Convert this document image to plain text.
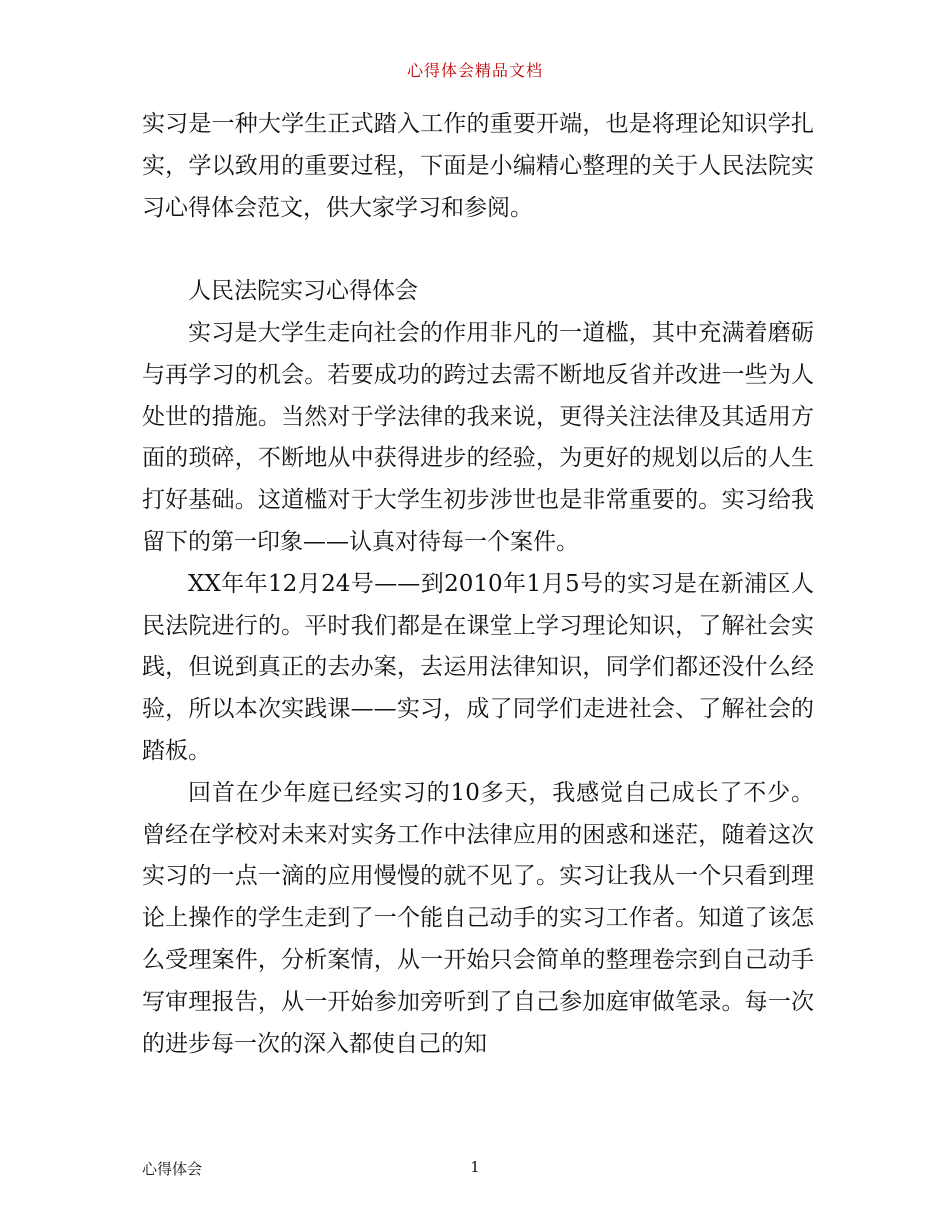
心得体会精品文档

实习是一种大学生正式踏入工作的重要开端，也是将理论知识学扎实，学以致用的重要过程，下面是小编精心整理的关于人民法院实习心得体会范文，供大家学习和参阅。

人民法院实习心得体会

实习是大学生走向社会的作用非凡的一道槛，其中充满着磨砺与再学习的机会。若要成功的跨过去需不断地反省并改进一些为人处世的措施。当然对于学法律的我来说，更得关注法律及其适用方面的琐碎，不断地从中获得进步的经验，为更好的规划以后的人生打好基础。这道槛对于大学生初步涉世也是非常重要的。实习给我留下的第一印象——认真对待每一个案件。

XX年年12月24号——到2010年1月5号的实习是在新浦区人民法院进行的。平时我们都是在课堂上学习理论知识，了解社会实践，但说到真正的去办案，去运用法律知识，同学们都还没什么经验，所以本次实践课——实习，成了同学们走进社会、了解社会的踏板。

回首在少年庭已经实习的10多天，我感觉自己成长了不少。曾经在学校对未来对实务工作中法律应用的困惑和迷茫，随着这次实习的一点一滴的应用慢慢的就不见了。实习让我从一个只看到理论上操作的学生走到了一个能自己动手的实习工作者。知道了该怎么受理案件，分析案情，从一开始只会简单的整理卷宗到自己动手写审理报告，从一开始参加旁听到了自己参加庭审做笔录。每一次的进步每一次的深入都使自己的知

心得体会	1
